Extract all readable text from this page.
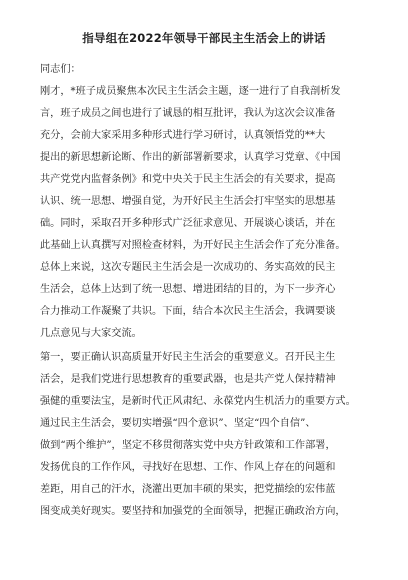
指导组在2022年领导干部民主生活会上的讲话
同志们：
刚才，*班子成员聚焦本次民主生活会主题，逐一进行了自我剖析发
言，班子成员之间也进行了诚恳的相互批评，我认为这次会议准备
充分，会前大家采用多种形式进行学习研讨，认真领悟党的**大
提出的新思想新论断、作出的新部署新要求，认真学习党章、《中国
共产党党内监督条例》和党中央关于民主生活会的有关要求，提高
认识、统一思想、增强自觉，为开好民主生活会打牢坚实的思想基
础。同时，采取召开多种形式广泛征求意见、开展谈心谈话，并在
此基础上认真撰写对照检查材料，为开好民主生活会作了充分准备。
总体上来说，这次专题民主生活会是一次成功的、务实高效的民主
生活会，总体上达到了统一思想、增进团结的目的，为下一步齐心
合力推动工作凝聚了共识。下面，结合本次民主生活会，我调要谈
几点意见与大家交流。
第一，要正确认识高质量开好民主生活会的重要意义。召开民主生
活会，是我们党进行思想教育的重要武器，也是共产党人保持精神
强健的重要法宝，是新时代正风肃纪、永葆党内生机活力的重要方式。
通过民主生活会，要切实增强“四个意识”、坚定“四个自信”、
做到“两个维护”，坚定不移贯彻落实党中央方针政策和工作部署，
发扬优良的工作作风，寻找好在思想、工作、作风上存在的问题和
差距，用自己的汗水，浇灌出更加丰硕的果实，把党描绘的宏伟蓝
图变成美好现实。要坚持和加强党的全面领导，把握正确政治方向，
